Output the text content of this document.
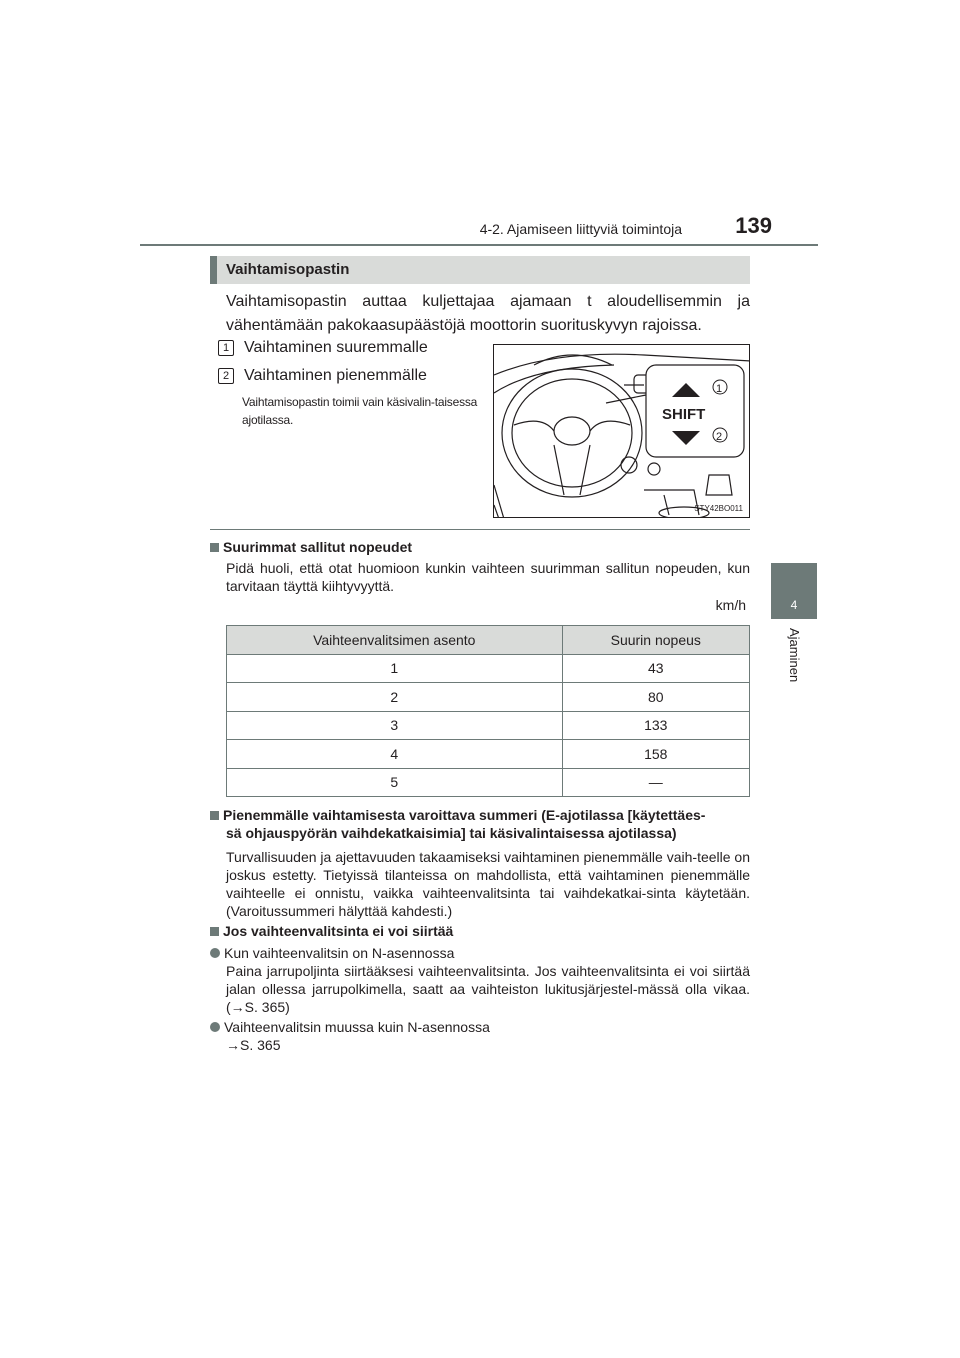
4-2. Ajamiseen liittyviä toimintoja 139
4
Ajaminen
Vaihtamisopastin

Vaihtamisopastin auttaa kuljettajaa ajamaan t aloudellisemmin ja vähentämään pakokaasupäästöjä moottorin suorituskyvyn rajoissa.

1 Vaihtaminen suuremmalle
2 Vaihtaminen pienemmälle

Vaihtamisopastin toimii vain käsivalin-taisessa ajotilassa.	SHIFT
1
2
STY42BO011
Suurimmat sallitut nopeudet

Pidä huoli, että otat huomioon kunkin vaihteen suurimman sallitun nopeuden, kun tarvitaan täyttä kiihtyvyyttä.

km/h
Vaihteenvalitsimen asento	Suurin nopeus
1	43
2	80
3	133
4	158
5	—
Pienemmälle vaihtamisesta varoittava summeri (E-ajotilassa [käytettäes-
sä ohjauspyörän vaihdekatkaisimia] tai käsivalintaisessa ajotilassa)

Turvallisuuden ja ajettavuuden takaamiseksi vaihtaminen pienemmälle vaih-teelle on joskus estetty. Tietyissä tilanteissa on mahdollista, että vaihtaminen pienemmälle vaihteelle ei onnistu, vaikka vaihteenvalitsinta tai vaihdekatkai-sinta käytetään. (Varoitussummeri hälyttää kahdesti.)

Jos vaihteenvalitsinta ei voi siirtää
Kun vaihteenvalitsin on N-asennossa

Paina jarrupoljinta siirtääksesi vaihteenvalitsinta. Jos vaihteenvalitsinta ei voi siirtää jalan ollessa jarrupolkimella, saatt aa vaihteiston lukitusjärjestel-mässä olla vikaa. (→S. 365)

Vaihteenvalitsin muussa kuin N-asennossa

→S. 365
